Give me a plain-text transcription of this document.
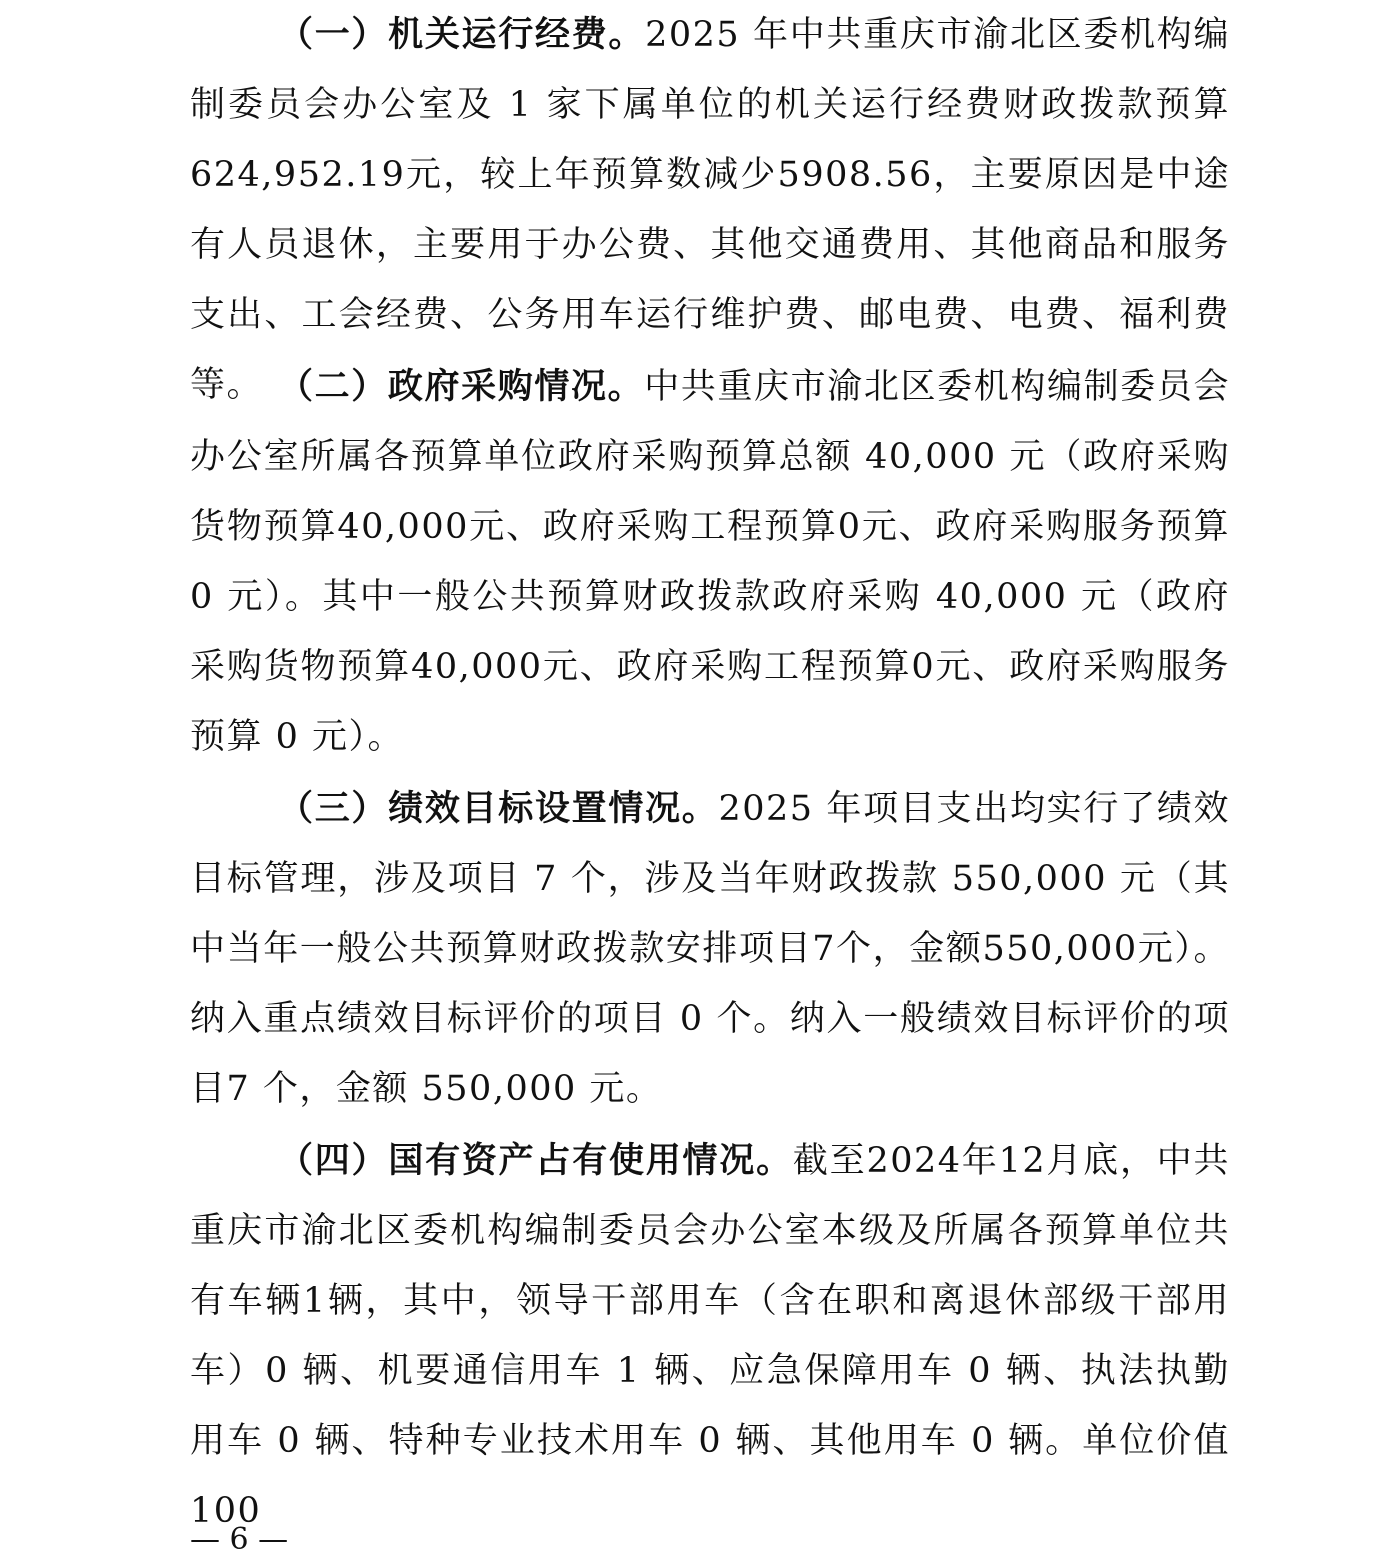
（一）机关运行经费。2025 年中共重庆市渝北区委机构编制委员会办公室及 1 家下属单位的机关运行经费财政拨款预算624,952.19元，较上年预算数减少5908.56，主要原因是中途有人员退休，主要用于办公费、其他交通费用、其他商品和服务支出、工会经费、公务用车运行维护费、邮电费、电费、福利费等。 （二）政府采购情况。中共重庆市渝北区委机构编制委员会办公室所属各预算单位政府采购预算总额 40,000 元（政府采购货物预算40,000元、政府采购工程预算0元、政府采购服务预算 0 元）。其中一般公共预算财政拨款政府采购 40,000 元（政府采购货物预算40,000元、政府采购工程预算0元、政府采购服务预算 0 元）。

（三）绩效目标设置情况。2025 年项目支出均实行了绩效目标管理，涉及项目 7 个，涉及当年财政拨款 550,000 元（其中当年一般公共预算财政拨款安排项目7个，金额550,000元）。纳入重点绩效目标评价的项目 0 个。纳入一般绩效目标评价的项目7 个，金额 550,000 元。

（四）国有资产占有使用情况。截至2024年12月底，中共重庆市渝北区委机构编制委员会办公室本级及所属各预算单位共有车辆1辆，其中，领导干部用车（含在职和离退休部级干部用车）0 辆、机要通信用车 1 辆、应急保障用车 0 辆、执法执勤用车 0 辆、特种专业技术用车 0 辆、其他用车 0 辆。单位价值 100

— 6 —
